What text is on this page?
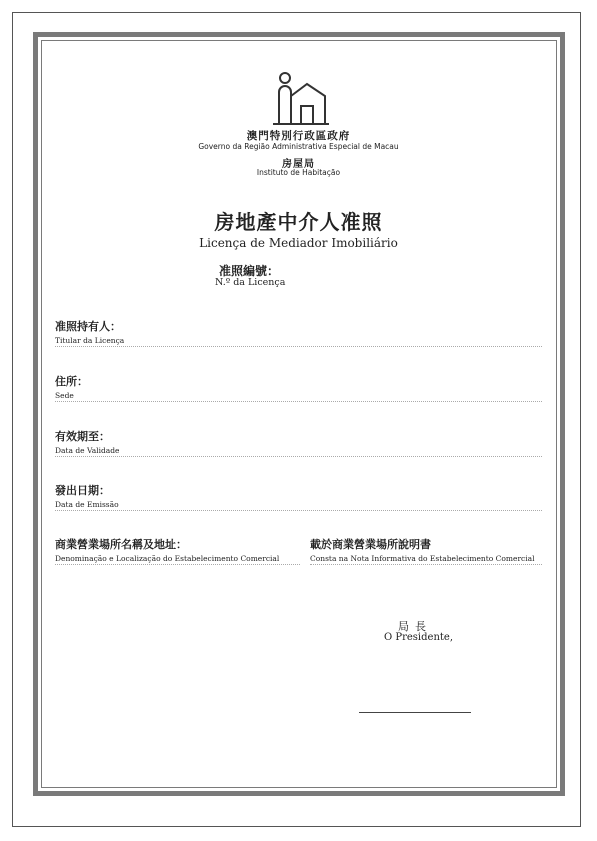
澳門特別行政區政府
Governo da Região Administrativa Especial de Macau
房屋局
Instituto de Habitação
房地產中介人准照
Licença de Mediador Imobiliário
准照編號：
N.º da Licença
准照持有人：
Titular da Licença
住所：
Sede
有效期至：
Data de Validade
發出日期：
Data de Emissão
商業營業場所名稱及地址：
Denominação e Localização do Estabelecimento Comercial
載於商業營業場所說明書
Consta na Nota Informativa do Estabelecimento Comercial
局長
O Presidente,
